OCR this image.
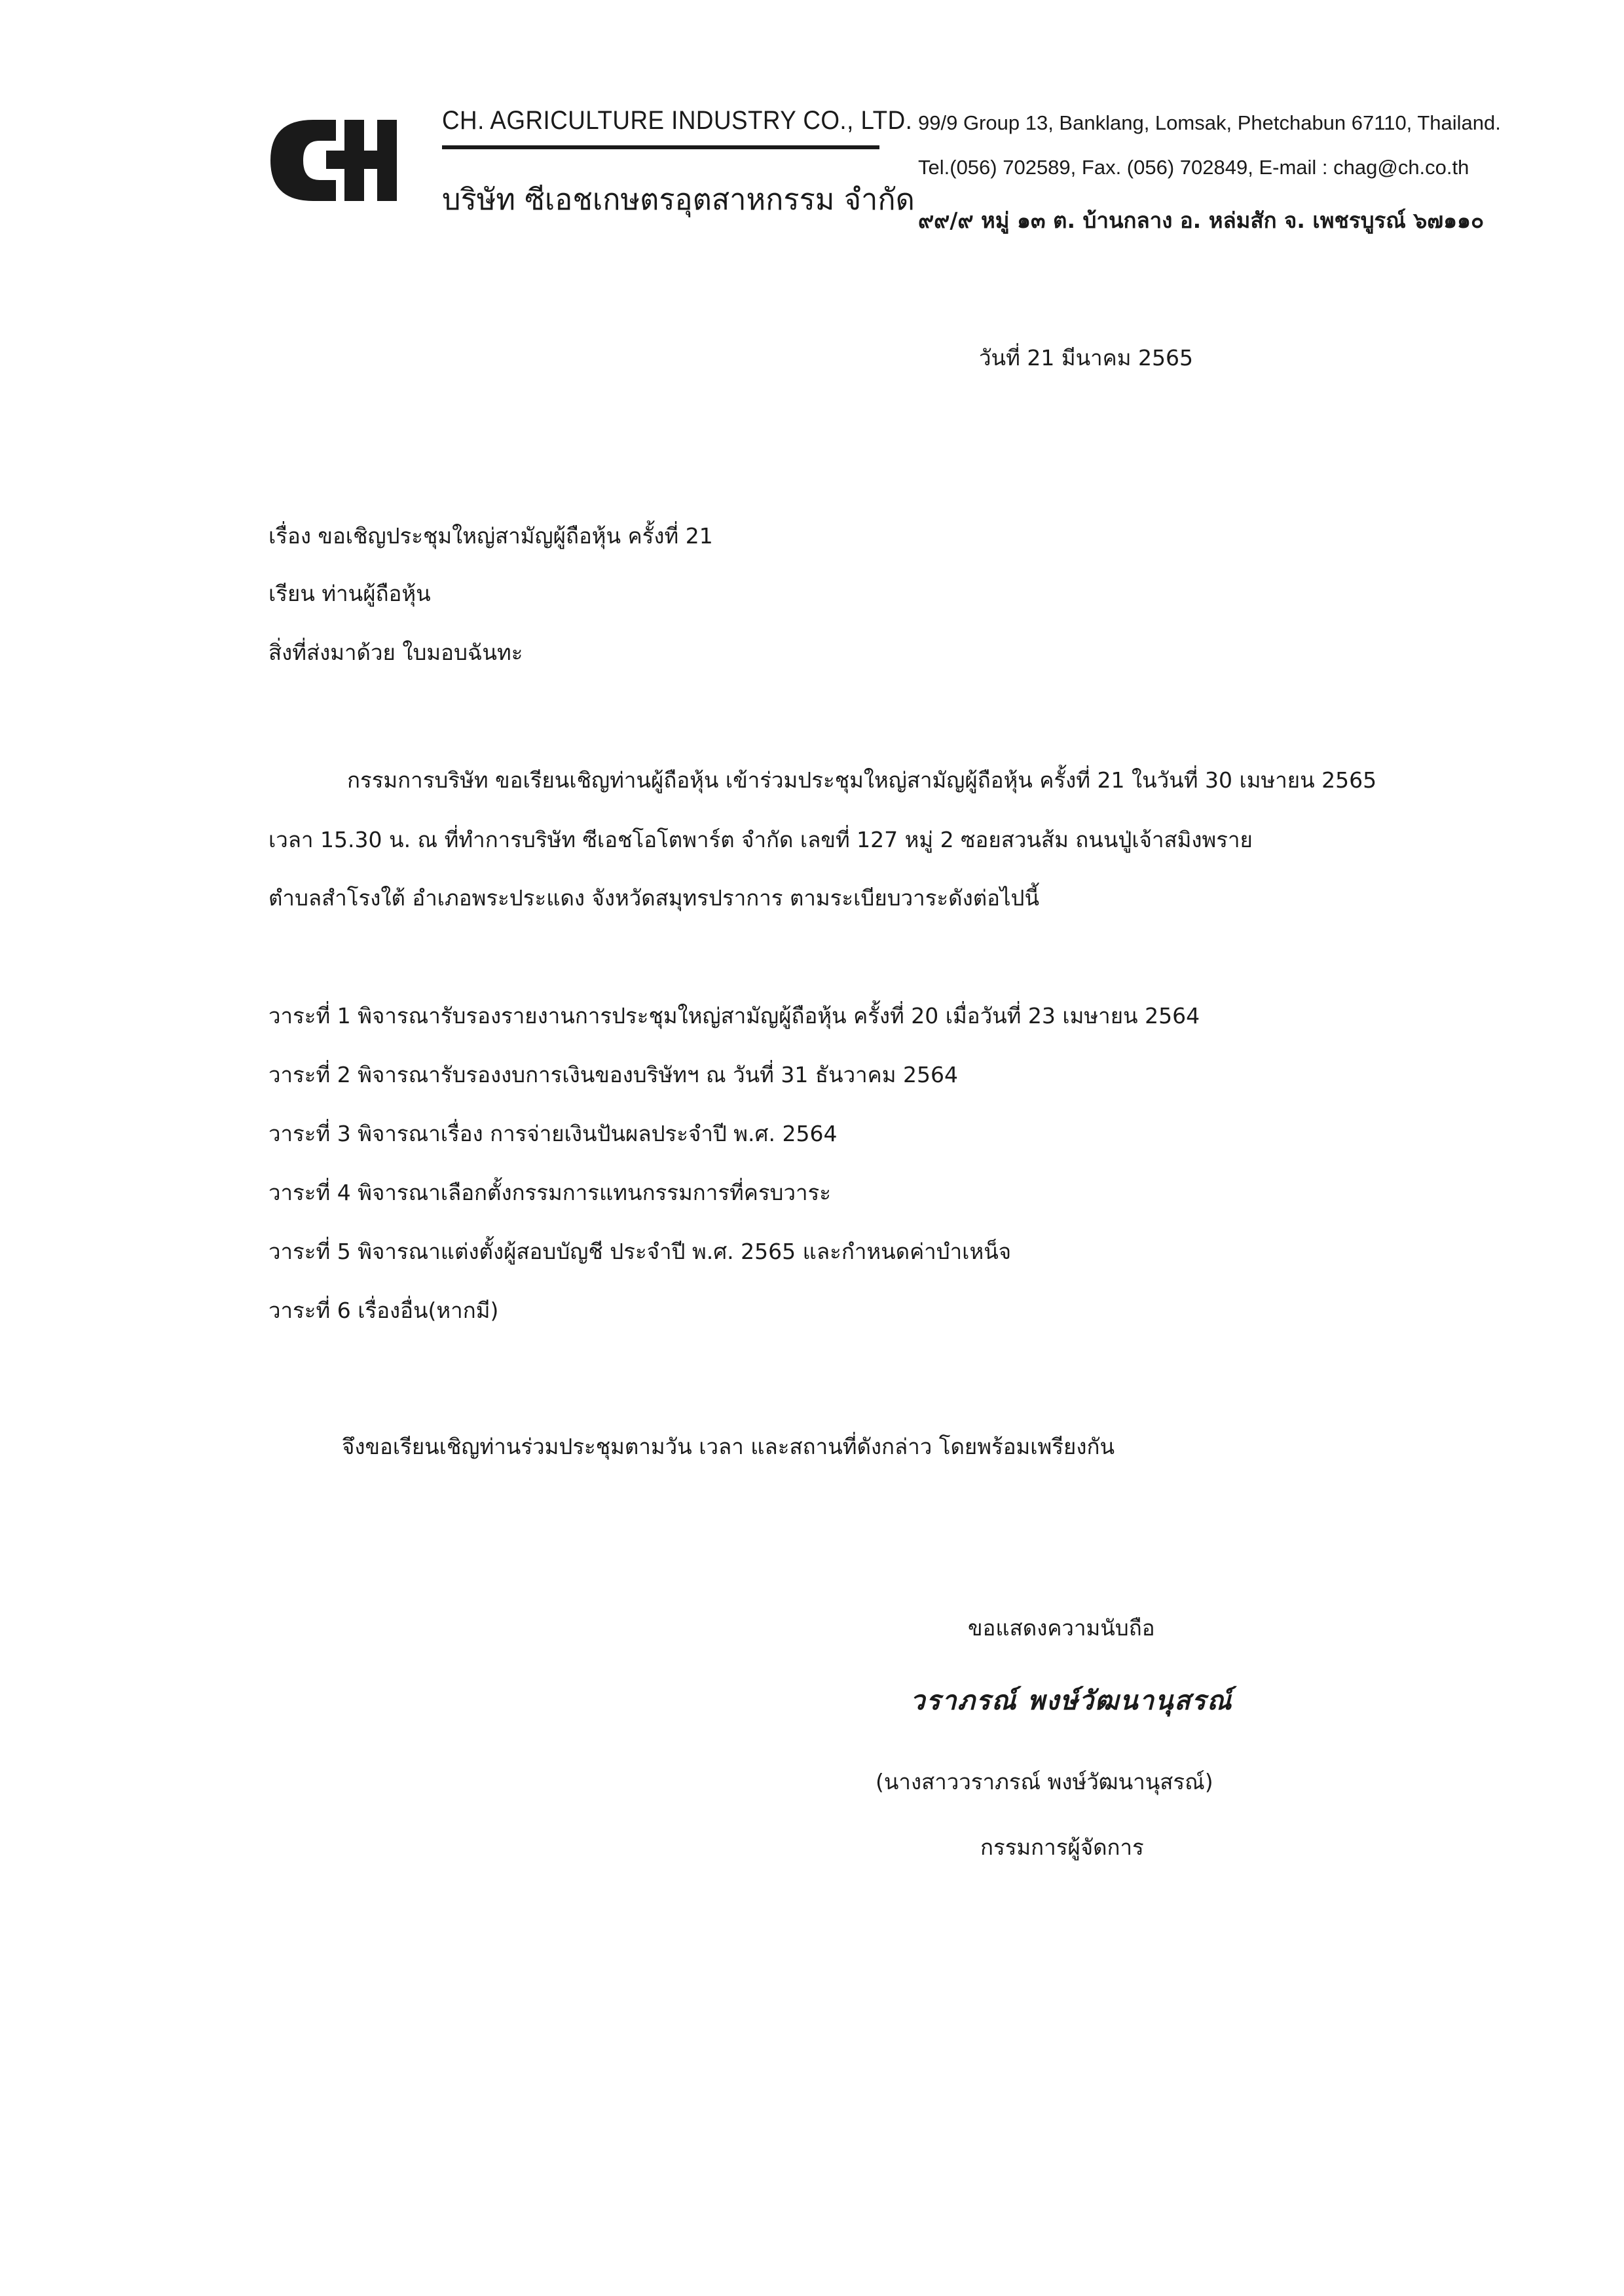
CH. AGRICULTURE INDUSTRY CO., LTD.
บริษัท ซีเอชเกษตรอุตสาหกรรม จำกัด
99/9 Group 13, Banklang, Lomsak, Phetchabun 67110, Thailand.
Tel.(056) 702589, Fax. (056) 702849, E-mail : chag@ch.co.th
๙๙/๙ หมู่ ๑๓ ต. บ้านกลาง อ. หล่มสัก จ. เพชรบูรณ์ ๖๗๑๑๐
วันที่ 21 มีนาคม 2565
เรื่อง ขอเชิญประชุมใหญ่สามัญผู้ถือหุ้น ครั้งที่ 21
เรียน ท่านผู้ถือหุ้น
สิ่งที่ส่งมาด้วย ใบมอบฉันทะ
กรรมการบริษัท ขอเรียนเชิญท่านผู้ถือหุ้น เข้าร่วมประชุมใหญ่สามัญผู้ถือหุ้น ครั้งที่ 21 ในวันที่ 30 เมษายน 2565
เวลา 15.30 น. ณ ที่ทำการบริษัท ซีเอชโอโตพาร์ต จำกัด เลขที่ 127 หมู่ 2 ซอยสวนส้ม ถนนปู่เจ้าสมิงพราย
ตำบลสำโรงใต้ อำเภอพระประแดง จังหวัดสมุทรปราการ ตามระเบียบวาระดังต่อไปนี้
วาระที่ 1 พิจารณารับรองรายงานการประชุมใหญ่สามัญผู้ถือหุ้น ครั้งที่ 20 เมื่อวันที่ 23 เมษายน 2564
วาระที่ 2 พิจารณารับรองงบการเงินของบริษัทฯ ณ วันที่ 31 ธันวาคม 2564
วาระที่ 3 พิจารณาเรื่อง การจ่ายเงินปันผลประจำปี พ.ศ. 2564
วาระที่ 4 พิจารณาเลือกตั้งกรรมการแทนกรรมการที่ครบวาระ
วาระที่ 5 พิจารณาแต่งตั้งผู้สอบบัญชี ประจำปี พ.ศ. 2565 และกำหนดค่าบำเหน็จ
วาระที่ 6 เรื่องอื่น(หากมี)
จึงขอเรียนเชิญท่านร่วมประชุมตามวัน เวลา และสถานที่ดังกล่าว โดยพร้อมเพรียงกัน
ขอแสดงความนับถือ
วราภรณ์ พงษ์วัฒนานุสรณ์
(นางสาววราภรณ์ พงษ์วัฒนานุสรณ์)
กรรมการผู้จัดการ
